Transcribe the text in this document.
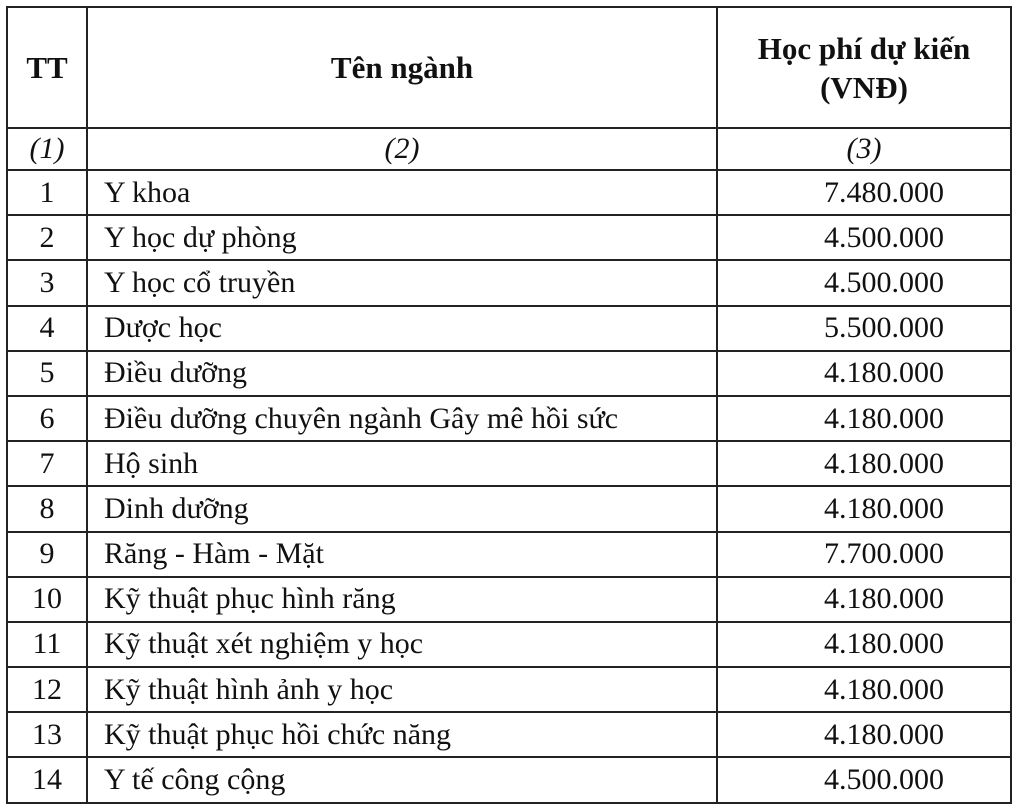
TT	Tên ngành	Học phí dự kiến
(VNĐ)

(1)	(2)	(3)
1	Y khoa	7.480.000
2	Y học dự phòng	4.500.000
3	Y học cổ truyền	4.500.000
4	Dược học	5.500.000
5	Điều dưỡng	4.180.000
6	Điều dưỡng chuyên ngành Gây mê hồi sức	4.180.000
7	Hộ sinh	4.180.000
8	Dinh dưỡng	4.180.000
9	Răng - Hàm - Mặt	7.700.000
10	Kỹ thuật phục hình răng	4.180.000
11	Kỹ thuật xét nghiệm y học	4.180.000
12	Kỹ thuật hình ảnh y học	4.180.000
13	Kỹ thuật phục hồi chức năng	4.180.000
14	Y tế công cộng	4.500.000
